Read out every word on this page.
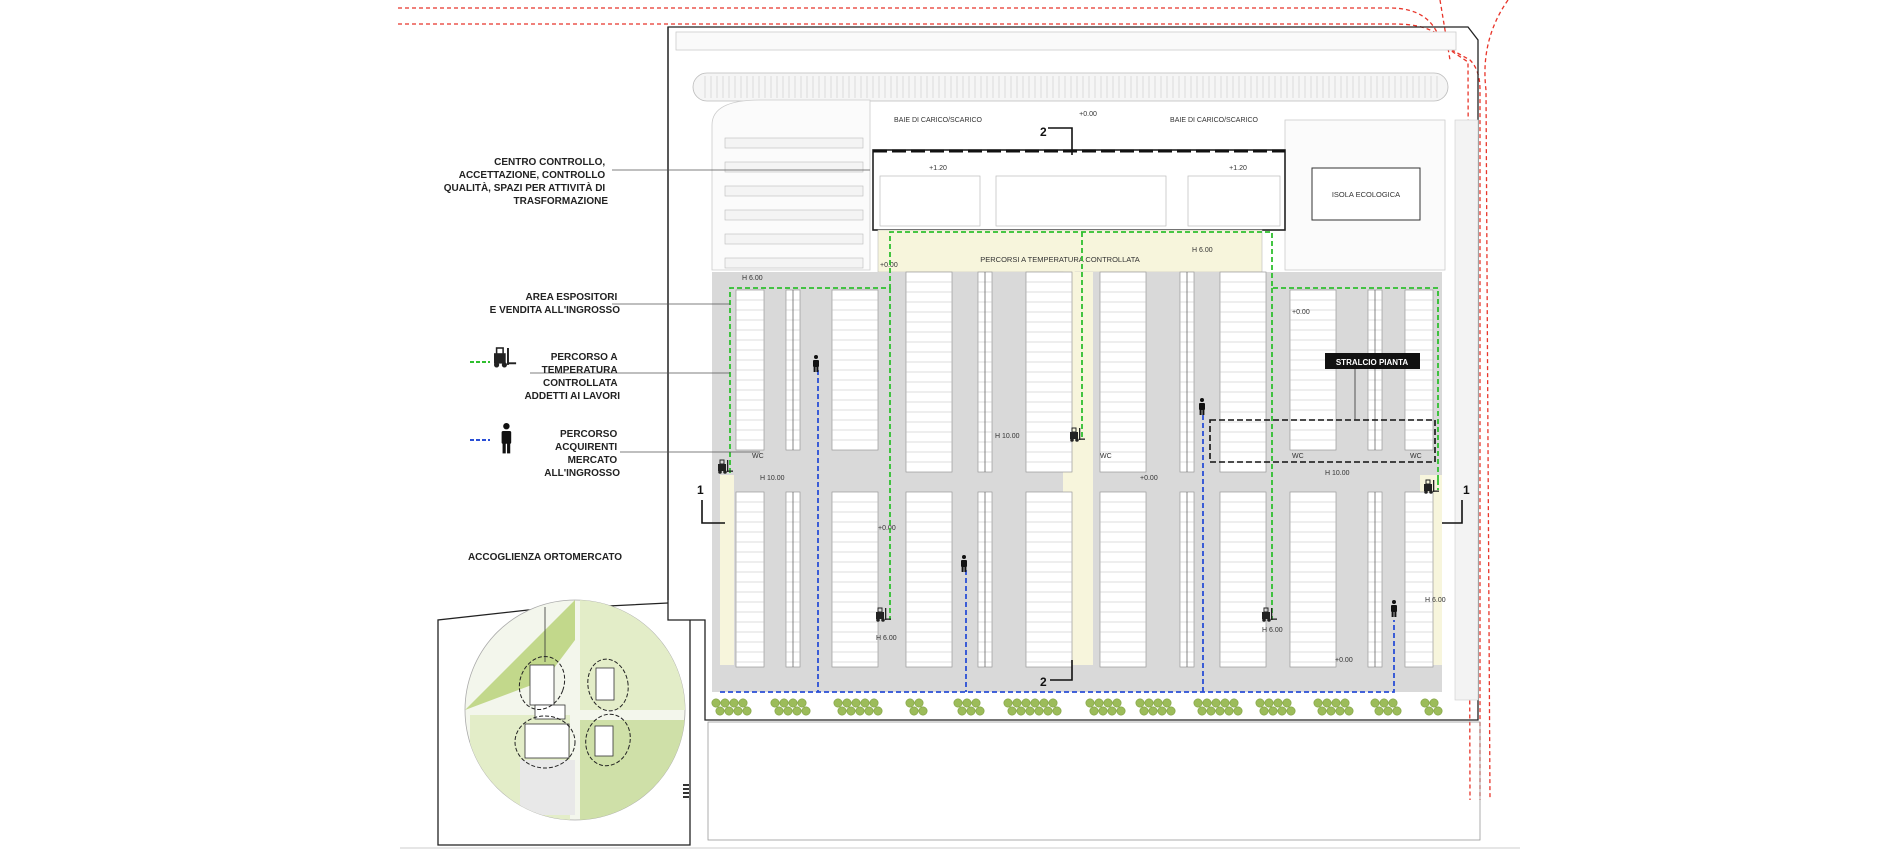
ISOLA ECOLOGICA
BAIE DI CARICO/SCARICO	BAIE DI CARICO/SCARICO
+0.00
+1.20	+1.20
2
PERCORSI A TEMPERATURA CONTROLLATA
WC	WC	WC	WC
H 6.00
H 6.00
+0.00
+0.00
H 10.00
H 10.00
H 10.00
+0.00
+0.00
H 6.00
H 6.00
H 6.00
+0.00
STRALCIO PIANTA
1	1
2
CENTRO CONTROLLO, ACCETTAZIONE, CONTROLLO QUALITÀ, SPAZI PER ATTIVITÀ DI TRASFORMAZIONE
AREA ESPOSITORI E VENDITA ALL'INGROSSO
PERCORSO A TEMPERATURA CONTROLLATA ADDETTI AI LAVORI
PERCORSO ACQUIRENTI MERCATO ALL'INGROSSO
ACCOGLIENZA ORTOMERCATO
